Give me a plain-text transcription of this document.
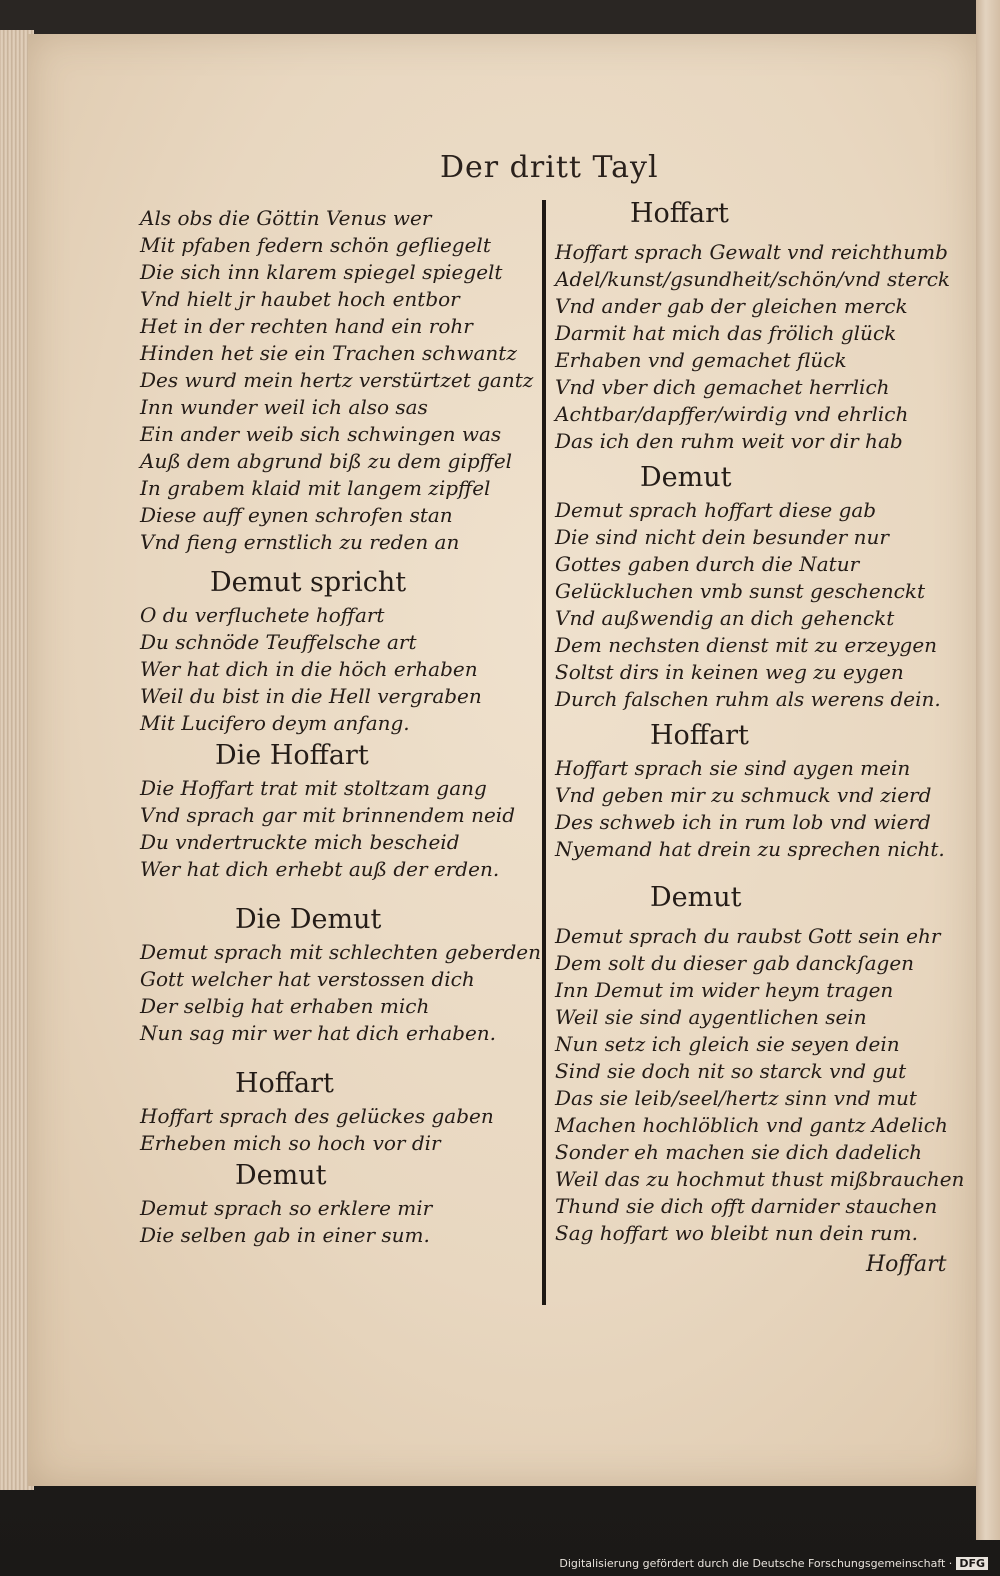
Der dritt Tayl
Als obs die Göttin Venus wer
Mit pfaben federn schön gefliegelt
Die sich inn klarem spiegel spiegelt
Vnd hielt jr haubet hoch entbor
Het in der rechten hand ein rohr
Hinden het sie ein Trachen schwantz
Des wurd mein hertz verstürtzet gantz
Inn wunder weil ich also sas
Ein ander weib sich schwingen was
Auß dem abgrund biß zu dem gipffel
In grabem klaid mit langem zipffel
Diese auff eynen schrofen stan
Vnd fieng ernstlich zu reden an
Demut spricht
O du verfluchete hoffart
Du schnöde Teuffelsche art
Wer hat dich in die höch erhaben
Weil du bist in die Hell vergraben
Mit Lucifero deym anfang.
Die Hoffart
Die Hoffart trat mit stoltzam gang
Vnd sprach gar mit brinnendem neid
Du vndertruckte mich bescheid
Wer hat dich erhebt auß der erden.
Die Demut
Demut sprach mit schlechten geberden
Gott welcher hat verstossen dich
Der selbig hat erhaben mich
Nun sag mir wer hat dich erhaben.
Hoffart
Hoffart sprach des gelückes gaben
Erheben mich so hoch vor dir
Demut
Demut sprach so erklere mir
Die selben gab in einer sum.
Hoffart
Hoffart sprach Gewalt vnd reichthumb
Adel/kunst/gsundheit/schön/vnd sterck
Vnd ander gab der gleichen merck
Darmit hat mich das frölich glück
Erhaben vnd gemachet flück
Vnd vber dich gemachet herrlich
Achtbar/dapffer/wirdig vnd ehrlich
Das ich den ruhm weit vor dir hab
Demut
Demut sprach hoffart diese gab
Die sind nicht dein besunder nur
Gottes gaben durch die Natur
Gelückluchen vmb sunst geschenckt
Vnd außwendig an dich gehenckt
Dem nechsten dienst mit zu erzeygen
Soltst dirs in keinen weg zu eygen
Durch falschen ruhm als werens dein.
Hoffart
Hoffart sprach sie sind aygen mein
Vnd geben mir zu schmuck vnd zierd
Des schweb ich in rum lob vnd wierd
Nyemand hat drein zu sprechen nicht.
Demut
Demut sprach du raubst Gott sein ehr
Dem solt du dieser gab danckſagen
Inn Demut im wider heym tragen
Weil sie sind aygentlichen sein
Nun setz ich gleich sie seyen dein
Sind sie doch nit so starck vnd gut
Das sie leib/seel/hertz sinn vnd mut
Machen hochlöblich vnd gantz Adelich
Sonder eh machen sie dich dadelich
Weil das zu hochmut thust mißbrauchen
Thund sie dich offt darnider stauchen
Sag hoffart wo bleibt nun dein rum.
Hoffart
Digitalisierung gefördert durch die Deutsche Forschungsgemeinschaft · DFG
